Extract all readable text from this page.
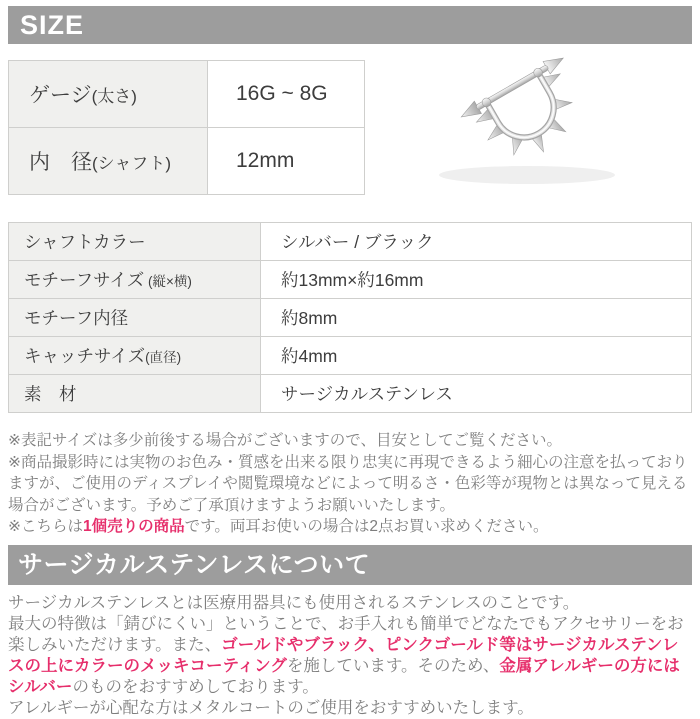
SIZE
ゲージ(太さ)	16G ~ 8G
内　径(シャフト)	12mm
シャフトカラー	シルバー / ブラック
モチーフサイズ (縦×横)	約13mm×約16mm
モチーフ内径	約8mm
キャッチサイズ(直径)	約4mm
素　材	サージカルステンレス

※表記サイズは多少前後する場合がございますので、目安としてご覧ください。

※商品撮影時には実物のお色み・質感を出来る限り忠実に再現できるよう細心の注意を払っておりますが、ご使用のディスプレイや閲覧環境などによって明るさ・色彩等が現物とは異なって見える場合がございます。予めご了承頂けますようお願いいたします。

※こちらは1個売りの商品です。両耳お使いの場合は2点お買い求めください。

サージカルステンレスについて

サージカルステンレスとは医療用器具にも使用されるステンレスのことです。

最大の特徴は「錆びにくい」ということで、お手入れも簡単でどなたでもアクセサリーをお楽しみいただけます。また、ゴールドやブラック、ピンクゴールド等はサージカルステンレスの上にカラーのメッキコーティングを施しています。そのため、金属アレルギーの方にはシルバーのものをおすすめしております。

アレルギーが心配な方はメタルコートのご使用をおすすめいたします。
